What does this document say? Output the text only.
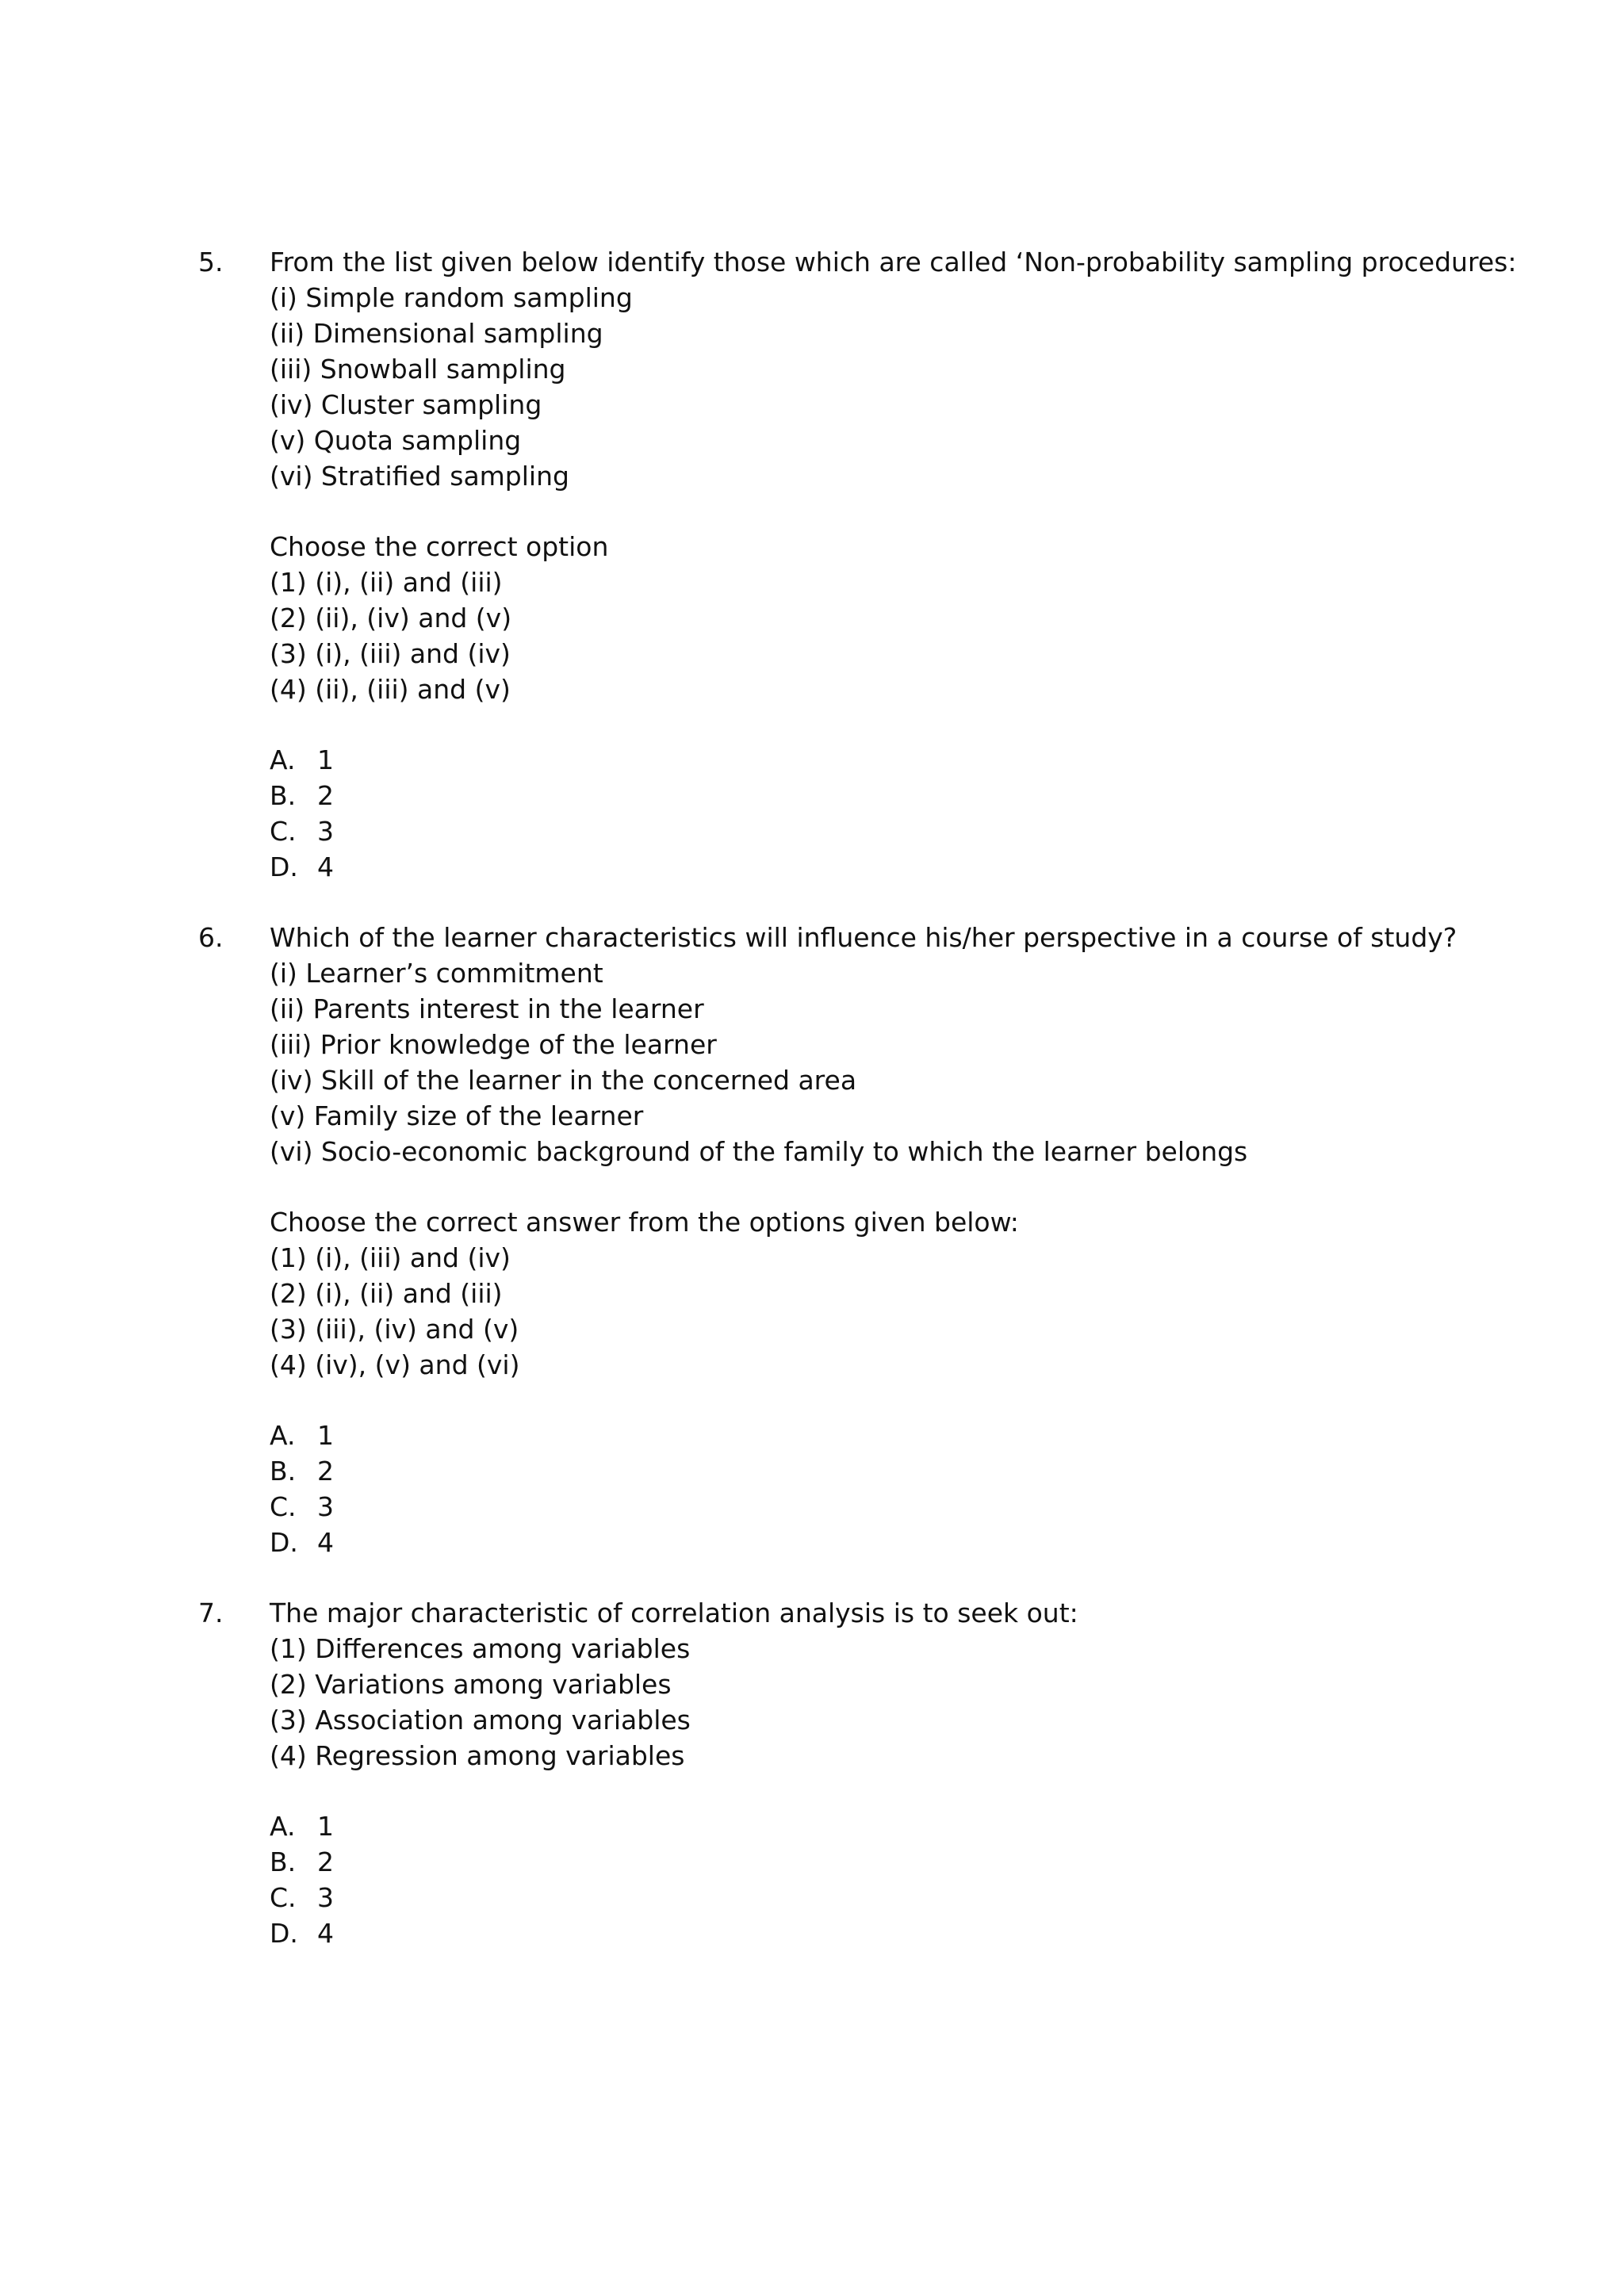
5. From the list given below identify those which are called ‘Non-probability sampling procedures:
(i) Simple random sampling
(ii) Dimensional sampling
(iii) Snowball sampling
(iv) Cluster sampling
(v) Quota sampling
(vi) Stratified sampling
Choose the correct option
(1) (i), (ii) and (iii)
(2) (ii), (iv) and (v)
(3) (i), (iii) and (iv)
(4) (ii), (iii) and (v)
A. 1
B. 2
C. 3
D. 4
6. Which of the learner characteristics will influence his/her perspective in a course of study?
(i) Learner’s commitment
(ii) Parents interest in the learner
(iii) Prior knowledge of the learner
(iv) Skill of the learner in the concerned area
(v) Family size of the learner
(vi) Socio-economic background of the family to which the learner belongs
Choose the correct answer from the options given below:
(1) (i), (iii) and (iv)
(2) (i), (ii) and (iii)
(3) (iii), (iv) and (v)
(4) (iv), (v) and (vi)
A. 1
B. 2
C. 3
D. 4
7. The major characteristic of correlation analysis is to seek out:
(1) Differences among variables
(2) Variations among variables
(3) Association among variables
(4) Regression among variables
A. 1
B. 2
C. 3
D. 4
